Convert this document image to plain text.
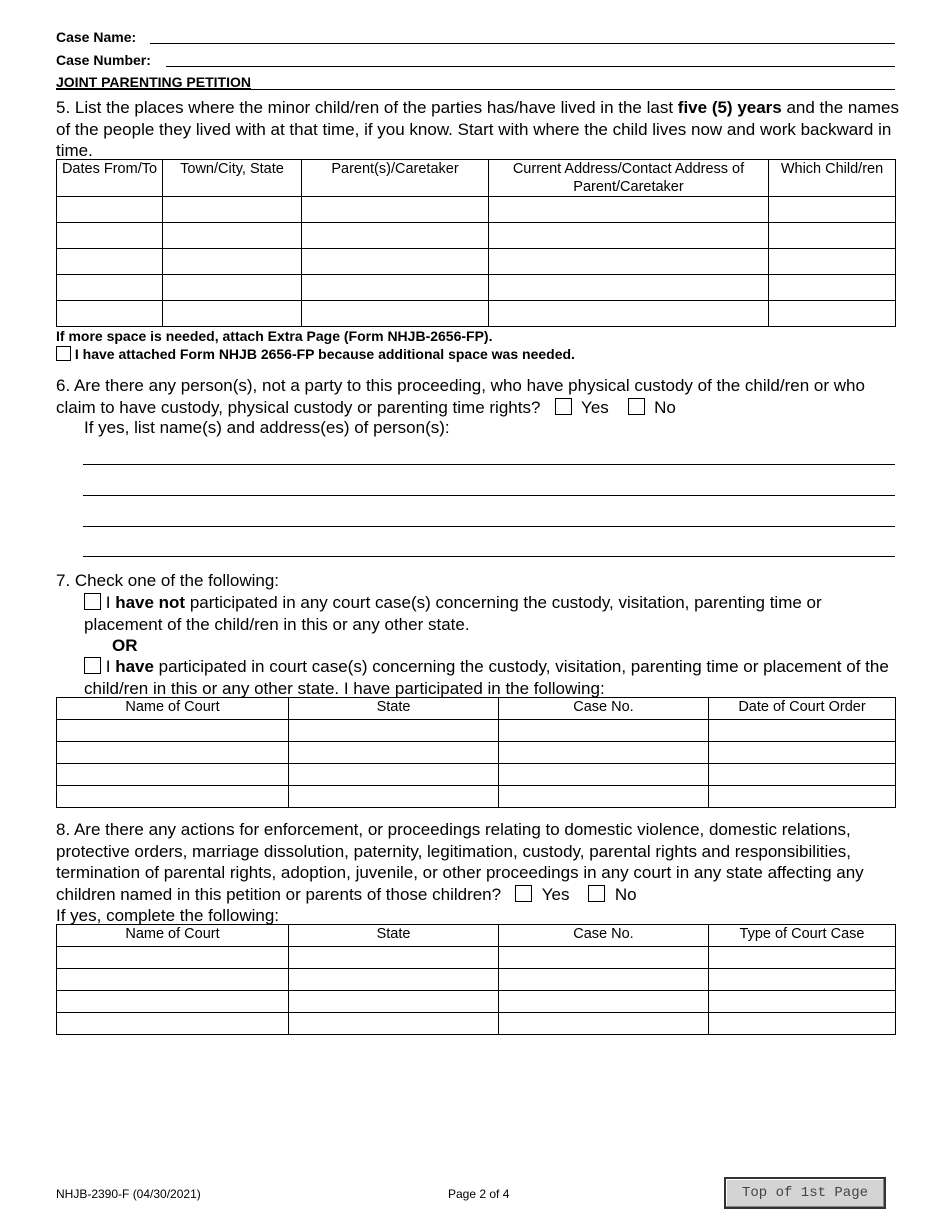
Case Name:
Case Number:
JOINT PARENTING PETITION
5. List the places where the minor child/ren of the parties has/have lived in the last five (5) years and the names of the people they lived with at that time, if you know. Start with where the child lives now and work backward in time.
Dates From/To	Town/City, State	Parent(s)/Caretaker	Current Address/Contact Address of Parent/Caretaker	Which Child/ren

If more space is needed, attach Extra Page (Form NHJB-2656-FP).
I have attached Form NHJB 2656-FP because additional space was needed.
6. Are there any person(s), not a party to this proceeding, who have physical custody of the child/ren or who claim to have custody, physical custody or parenting time rights? Yes	No
If yes, list name(s) and address(es) of person(s):
7. Check one of the following:
I have not participated in any court case(s) concerning the custody, visitation, parenting time or placement of the child/ren in this or any other state.
OR
I have participated in court case(s) concerning the custody, visitation, parenting time or placement of the child/ren in this or any other state. I have participated in the following:
Name of Court	State	Case No.	Date of Court Order

8. Are there any actions for enforcement, or proceedings relating to domestic violence, domestic relations, protective orders, marriage dissolution, paternity, legitimation, custody, parental rights and responsibilities, termination of parental rights, adoption, juvenile, or other proceedings in any court in any state affecting any children named in this petition or parents of those children? Yes	No
If yes, complete the following:
Name of Court	State	Case No.	Type of Court Case

NHJB-2390-F (04/30/2021)	Page 2 of 4	Top of 1st Page
